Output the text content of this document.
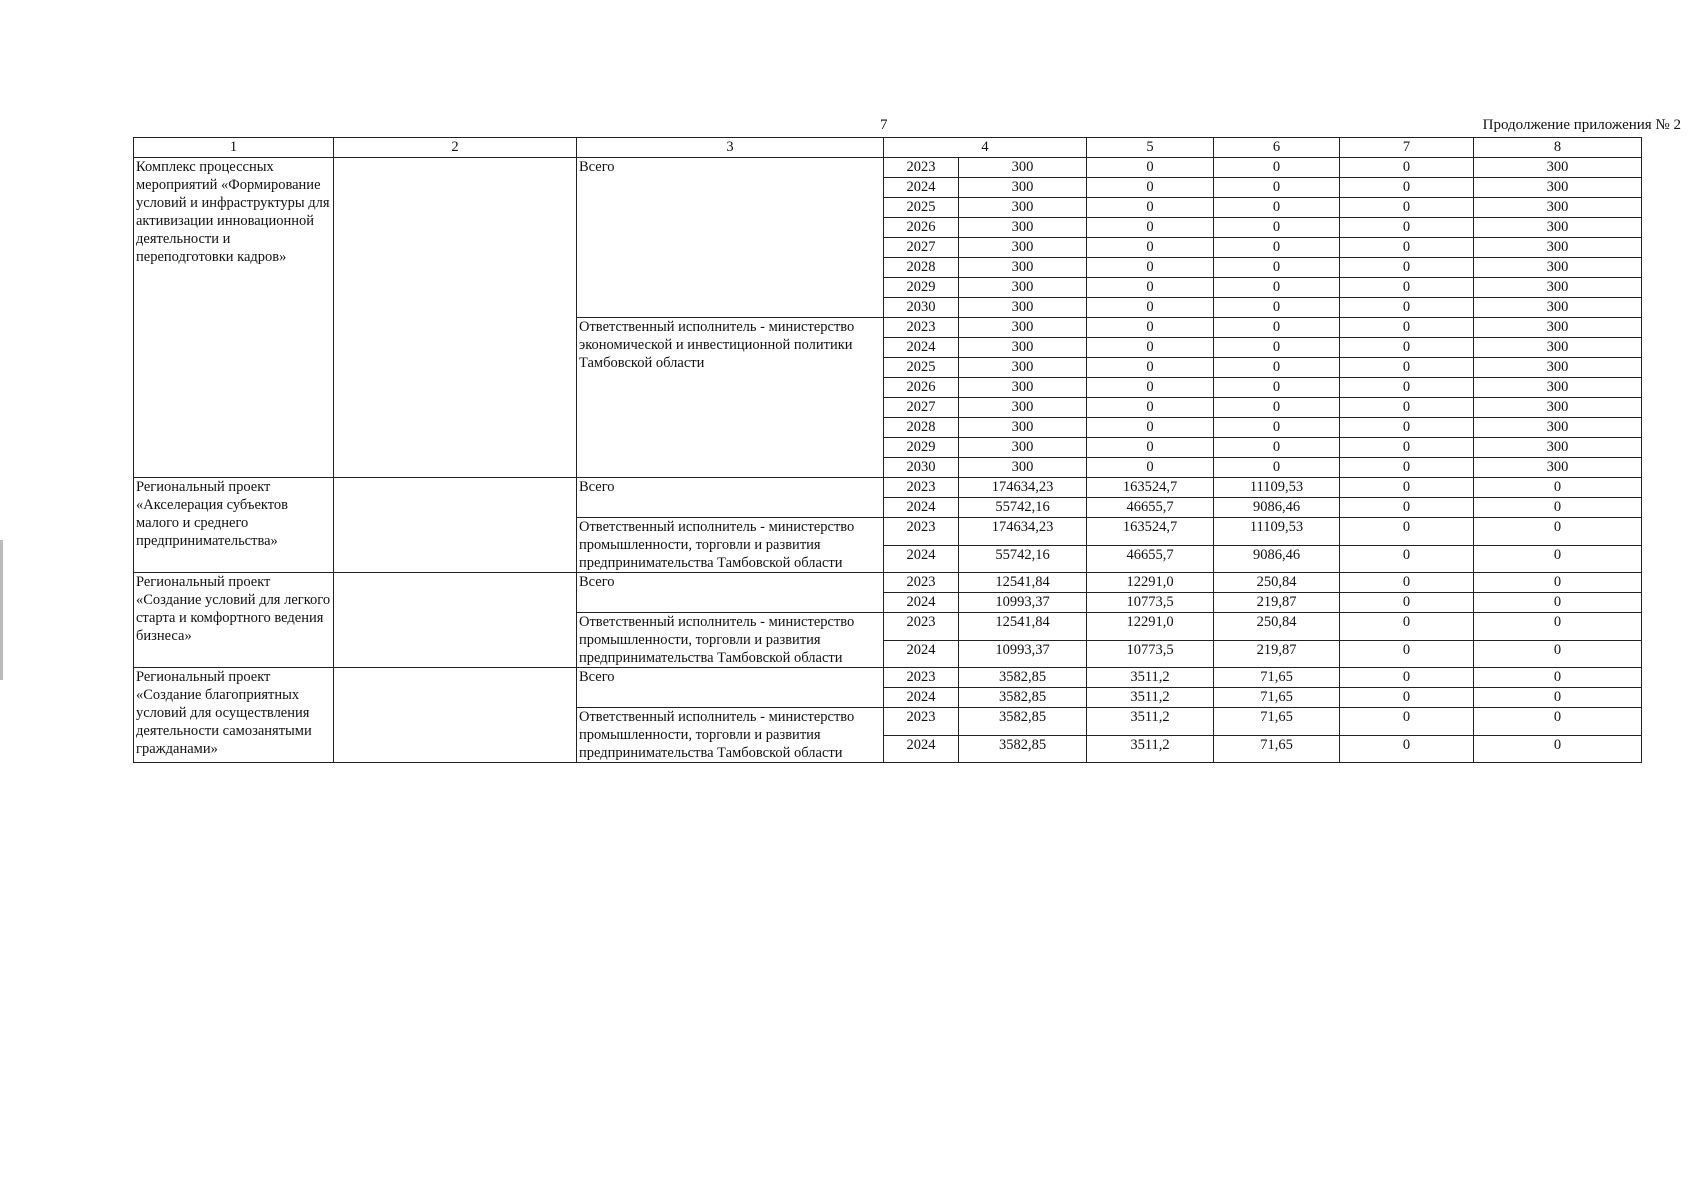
7	Продолжение приложения № 2
1	2	3	4		5	6	7	8
Комплекс процессных мероприятий «Формирование условий и инфраструктуры для активизации инновационной деятельности и переподготовки кадров»		Всего	2023	300	0	0	0	300
			2024	300	0	0	0	300
			2025	300	0	0	0	300
			2026	300	0	0	0	300
			2027	300	0	0	0	300
			2028	300	0	0	0	300
			2029	300	0	0	0	300
			2030	300	0	0	0	300
		Ответственный исполнитель - министерство экономической и инвестиционной политики Тамбовской области	2023	300	0	0	0	300
			2024	300	0	0	0	300
			2025	300	0	0	0	300
			2026	300	0	0	0	300
			2027	300	0	0	0	300
			2028	300	0	0	0	300
			2029	300	0	0	0	300
			2030	300	0	0	0	300
Региональный проект «Акселерация субъектов малого и среднего предпринимательства»		Всего	2023	174634,23	163524,7	11109,53	0	0
			2024	55742,16	46655,7	9086,46	0	0
		Ответственный исполнитель - министерство промышленности, торговли и развития предпринимательства Тамбовской области	2023	174634,23	163524,7	11109,53	0	0
			2024	55742,16	46655,7	9086,46	0	0
Региональный проект «Создание условий для легкого старта и комфортного ведения бизнеса»		Всего	2023	12541,84	12291,0	250,84	0	0
			2024	10993,37	10773,5	219,87	0	0
		Ответственный исполнитель - министерство промышленности, торговли и развития предпринимательства Тамбовской области	2023	12541,84	12291,0	250,84	0	0
			2024	10993,37	10773,5	219,87	0	0
Региональный проект «Создание благоприятных условий для осуществления деятельности самозанятыми гражданами»		Всего	2023	3582,85	3511,2	71,65	0	0
			2024	3582,85	3511,2	71,65	0	0
		Ответственный исполнитель - министерство промышленности, торговли и развития предпринимательства Тамбовской области	2023	3582,85	3511,2	71,65	0	0
			2024	3582,85	3511,2	71,65	0	0
